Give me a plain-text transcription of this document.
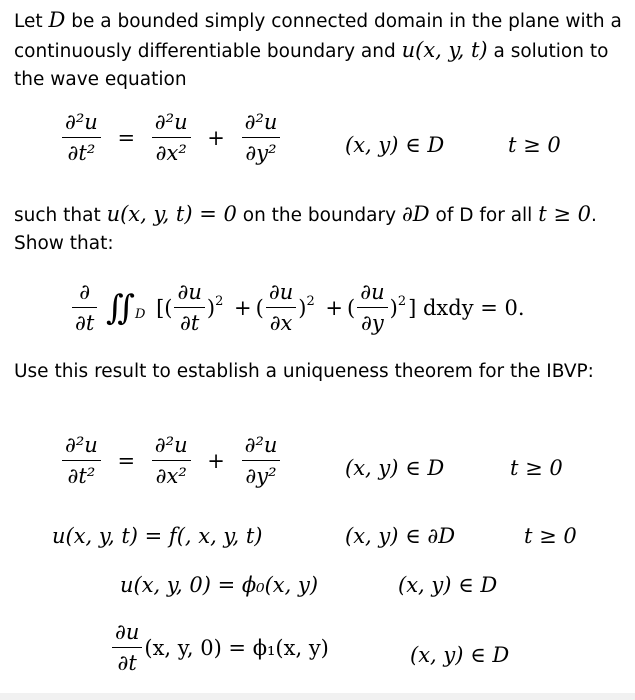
Let D be a bounded simply connected domain in the plane with a continuously differentiable boundary and u(x, y, t) a solution to the wave equation
$\frac{\text{∂²u}}{\text{∂t²}} = \frac{\text{∂²u}}{\text{∂x²}} + \frac{\text{∂²u}}{\text{∂y²}}$	(x, y) ∈ D	t ≥ 0
such that u(x, y, t) = 0 on the boundary ∂D of D for all t ≥ 0. Show that:
$\frac{\partial}{\partial t}$ $∬_D$ [( $\frac{\partial u}{\partial t} )^2$ + ( $\frac{\partial u}{\partial x} )^2$ + ( $\frac{\partial u}{\partial y} )^2$] dxdy = 0.
Use this result to establish a uniqueness theorem for the IBVP:
$\frac{\text{∂²u}}{\text{∂t²}} = \frac{\text{∂²u}}{\text{∂x²}} + \frac{\text{∂²u}}{\text{∂y²}}$	(x, y) ∈ D	t ≥ 0
u(x, y, t) = f(, x, y, t)	(x, y) ∈ ∂D	t ≥ 0
u(x, y, 0) = ϕ₀(x, y)	(x, y) ∈ D
$\frac{\partial u}{\partial t} (x$, y, 0) = ϕ₁(x, y)	(x, y) ∈ D
